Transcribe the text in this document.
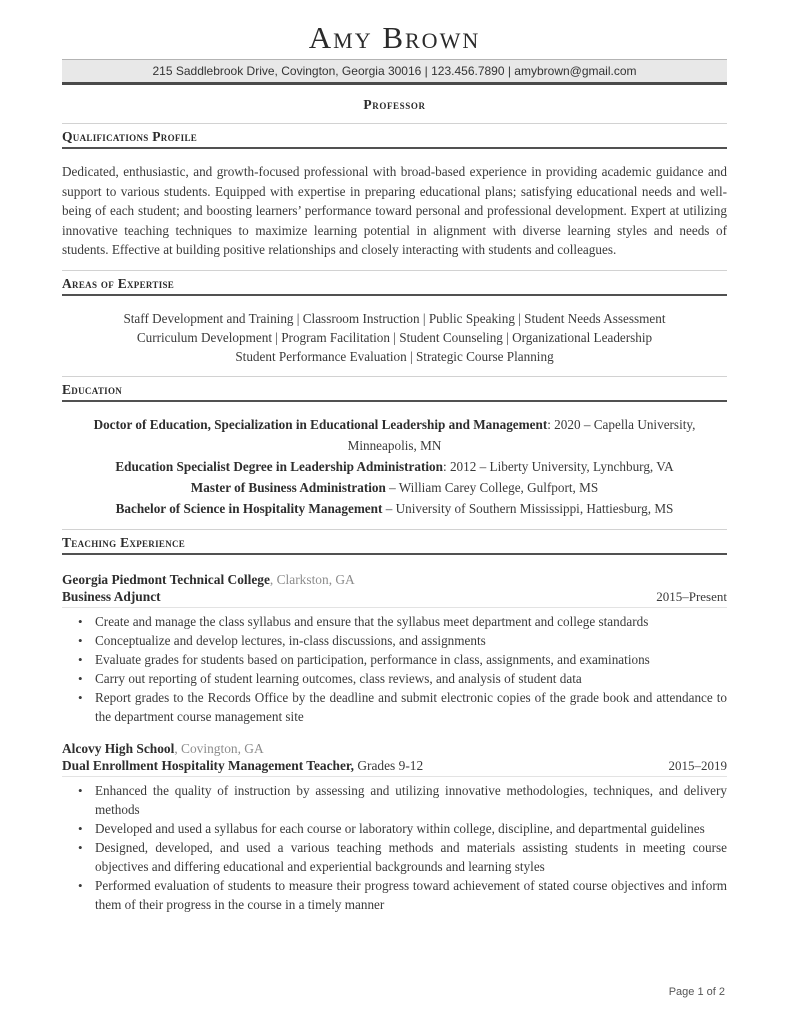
Amy Brown
215 Saddlebrook Drive, Covington, Georgia 30016 | 123.456.7890 | amybrown@gmail.com
Professor
Qualifications Profile

Dedicated, enthusiastic, and growth-focused professional with broad-based experience in providing academic guidance and support to various students. Equipped with expertise in preparing educational plans; satisfying educational needs and well-being of each student; and boosting learners’ performance toward personal and professional development. Expert at utilizing innovative teaching techniques to maximize learning potential in alignment with diverse learning styles and needs of students. Effective at building positive relationships and closely interacting with students and colleagues.

Areas of Expertise
Staff Development and Training | Classroom Instruction | Public Speaking | Student Needs Assessment
Curriculum Development | Program Facilitation | Student Counseling | Organizational Leadership
Student Performance Evaluation | Strategic Course Planning
Education
Doctor of Education, Specialization in Educational Leadership and Management: 2020 – Capella University, Minneapolis, MN
Education Specialist Degree in Leadership Administration: 2012 – Liberty University, Lynchburg, VA
Master of Business Administration – William Carey College, Gulfport, MS
Bachelor of Science in Hospitality Management – University of Southern Mississippi, Hattiesburg, MS
Teaching Experience
Georgia Piedmont Technical College, Clarkston, GA
Business Adjunct	2015–Present
• Create and manage the class syllabus and ensure that the syllabus meet department and college standards
• Conceptualize and develop lectures, in-class discussions, and assignments
• Evaluate grades for students based on participation, performance in class, assignments, and examinations
• Carry out reporting of student learning outcomes, class reviews, and analysis of student data
• Report grades to the Records Office by the deadline and submit electronic copies of the grade book and attendance to the department course management site
Alcovy High School, Covington, GA
Dual Enrollment Hospitality Management Teacher, Grades 9-12	2015–2019
• Enhanced the quality of instruction by assessing and utilizing innovative methodologies, techniques, and delivery methods
• Developed and used a syllabus for each course or laboratory within college, discipline, and departmental guidelines
• Designed, developed, and used a various teaching methods and materials assisting students in meeting course objectives and differing educational and experiential backgrounds and learning styles
• Performed evaluation of students to measure their progress toward achievement of stated course objectives and inform them of their progress in the course in a timely manner
Page 1 of 2
